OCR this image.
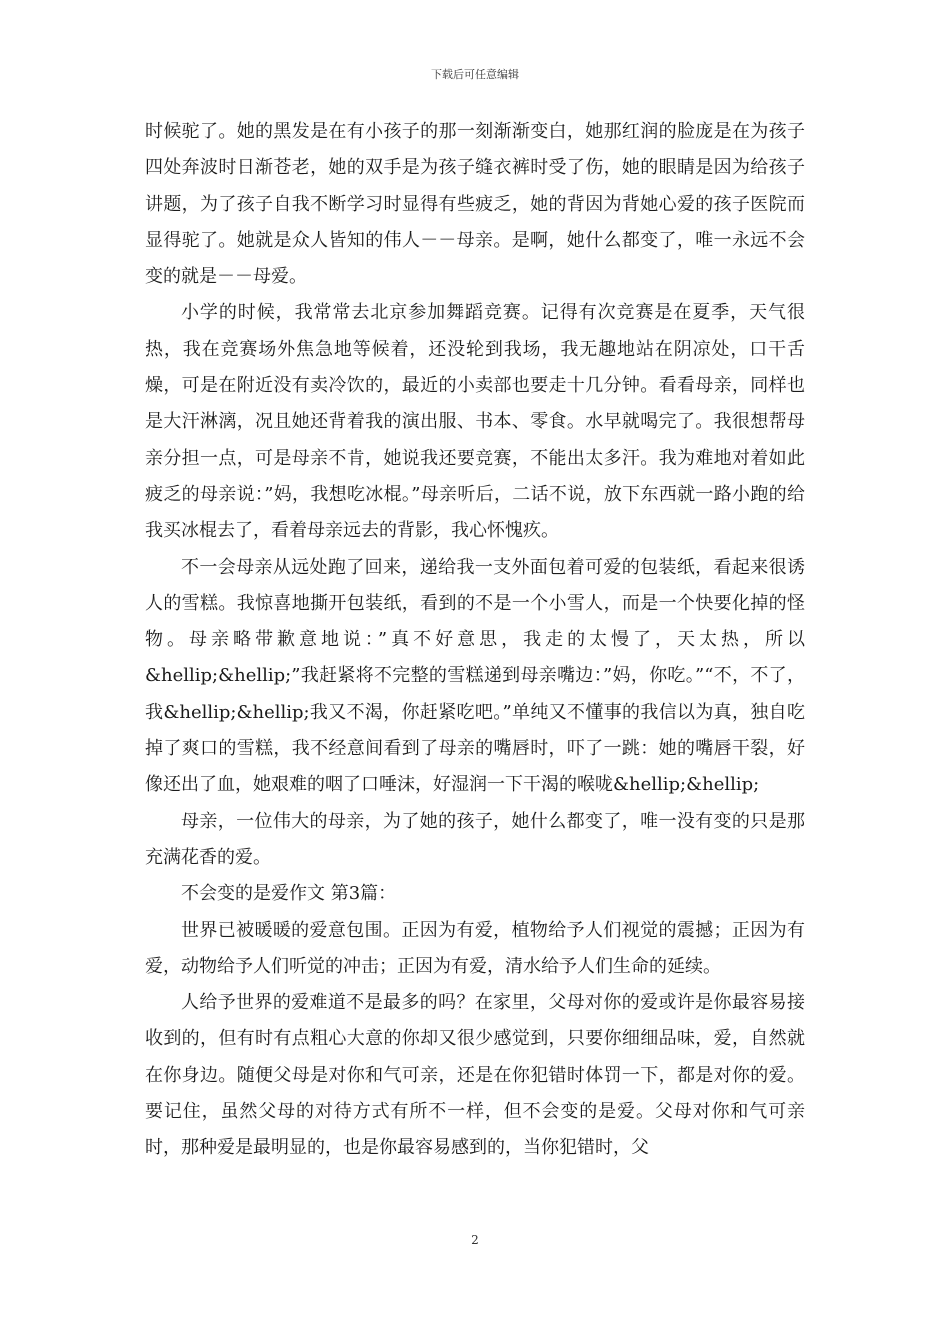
下载后可任意编辑

时候驼了。她的黑发是在有小孩子的那一刻渐渐变白，她那红润的脸庞是在为孩子四处奔波时日渐苍老，她的双手是为孩子缝衣裤时受了伤，她的眼睛是因为给孩子讲题，为了孩子自我不断学习时显得有些疲乏，她的背因为背她心爱的孩子医院而显得驼了。她就是众人皆知的伟人－－母亲。是啊，她什么都变了，唯一永远不会变的就是－－母爱。

小学的时候，我常常去北京参加舞蹈竞赛。记得有次竞赛是在夏季，天气很热，我在竞赛场外焦急地等候着，还没轮到我场，我无趣地站在阴凉处，口干舌燥，可是在附近没有卖冷饮的，最近的小卖部也要走十几分钟。看看母亲，同样也是大汗淋漓，况且她还背着我的演出服、书本、零食。水早就喝完了。我很想帮母亲分担一点，可是母亲不肯，她说我还要竞赛，不能出太多汗。我为难地对着如此疲乏的母亲说：”妈，我想吃冰棍。”母亲听后，二话不说，放下东西就一路小跑的给我买冰棍去了，看着母亲远去的背影，我心怀愧疚。

不一会母亲从远处跑了回来，递给我一支外面包着可爱的包装纸，看起来很诱人的雪糕。我惊喜地撕开包装纸，看到的不是一个小雪人，而是一个快要化掉的怪物。母亲略带歉意地说：”真不好意思，我走的太慢了，天太热，所以&hellip;&hellip;”我赶紧将不完整的雪糕递到母亲嘴边：”妈，你吃。”“不，不了，我&hellip;&hellip;我又不渴，你赶紧吃吧。”单纯又不懂事的我信以为真，独自吃掉了爽口的雪糕，我不经意间看到了母亲的嘴唇时，吓了一跳：她的嘴唇干裂，好像还出了血，她艰难的咽了口唾沫，好湿润一下干渴的喉咙&hellip;&hellip;

母亲，一位伟大的母亲，为了她的孩子，她什么都变了，唯一没有变的只是那充满花香的爱。

不会变的是爱作文 第3篇：

世界已被暖暖的爱意包围。正因为有爱，植物给予人们视觉的震撼；正因为有爱，动物给予人们听觉的冲击；正因为有爱，清水给予人们生命的延续。

人给予世界的爱难道不是最多的吗？在家里，父母对你的爱或许是你最容易接收到的，但有时有点粗心大意的你却又很少感觉到，只要你细细品味，爱，自然就在你身边。随便父母是对你和气可亲，还是在你犯错时体罚一下，都是对你的爱。要记住，虽然父母的对待方式有所不一样，但不会变的是爱。父母对你和气可亲时，那种爱是最明显的，也是你最容易感到的，当你犯错时，父

2
